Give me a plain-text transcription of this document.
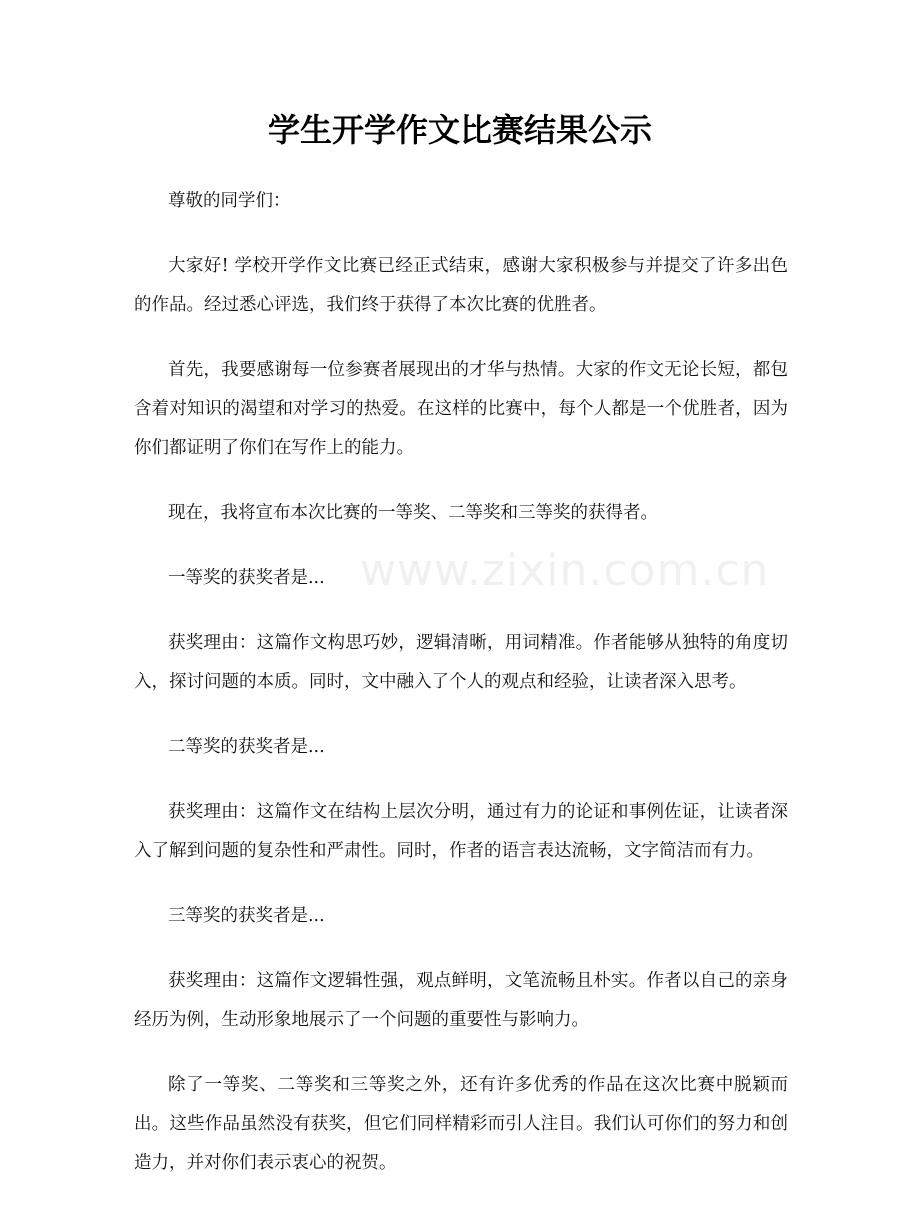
学生开学作文比赛结果公示

尊敬的同学们：

大家好! 学校开学作文比赛已经正式结束，感谢大家积极参与并提交了许多出色的作品。经过悉心评选，我们终于获得了本次比赛的优胜者。

首先，我要感谢每一位参赛者展现出的才华与热情。大家的作文无论长短，都包含着对知识的渴望和对学习的热爱。在这样的比赛中，每个人都是一个优胜者，因为你们都证明了你们在写作上的能力。

现在，我将宣布本次比赛的一等奖、二等奖和三等奖的获得者。

一等奖的获奖者是...

获奖理由：这篇作文构思巧妙，逻辑清晰，用词精准。作者能够从独特的角度切入，探讨问题的本质。同时，文中融入了个人的观点和经验，让读者深入思考。

二等奖的获奖者是...

获奖理由：这篇作文在结构上层次分明，通过有力的论证和事例佐证，让读者深入了解到问题的复杂性和严肃性。同时，作者的语言表达流畅，文字简洁而有力。

三等奖的获奖者是...

获奖理由：这篇作文逻辑性强，观点鲜明，文笔流畅且朴实。作者以自己的亲身经历为例，生动形象地展示了一个问题的重要性与影响力。

除了一等奖、二等奖和三等奖之外，还有许多优秀的作品在这次比赛中脱颖而出。这些作品虽然没有获奖，但它们同样精彩而引人注目。我们认可你们的努力和创造力，并对你们表示衷心的祝贺。

www.zixin.com.cn
